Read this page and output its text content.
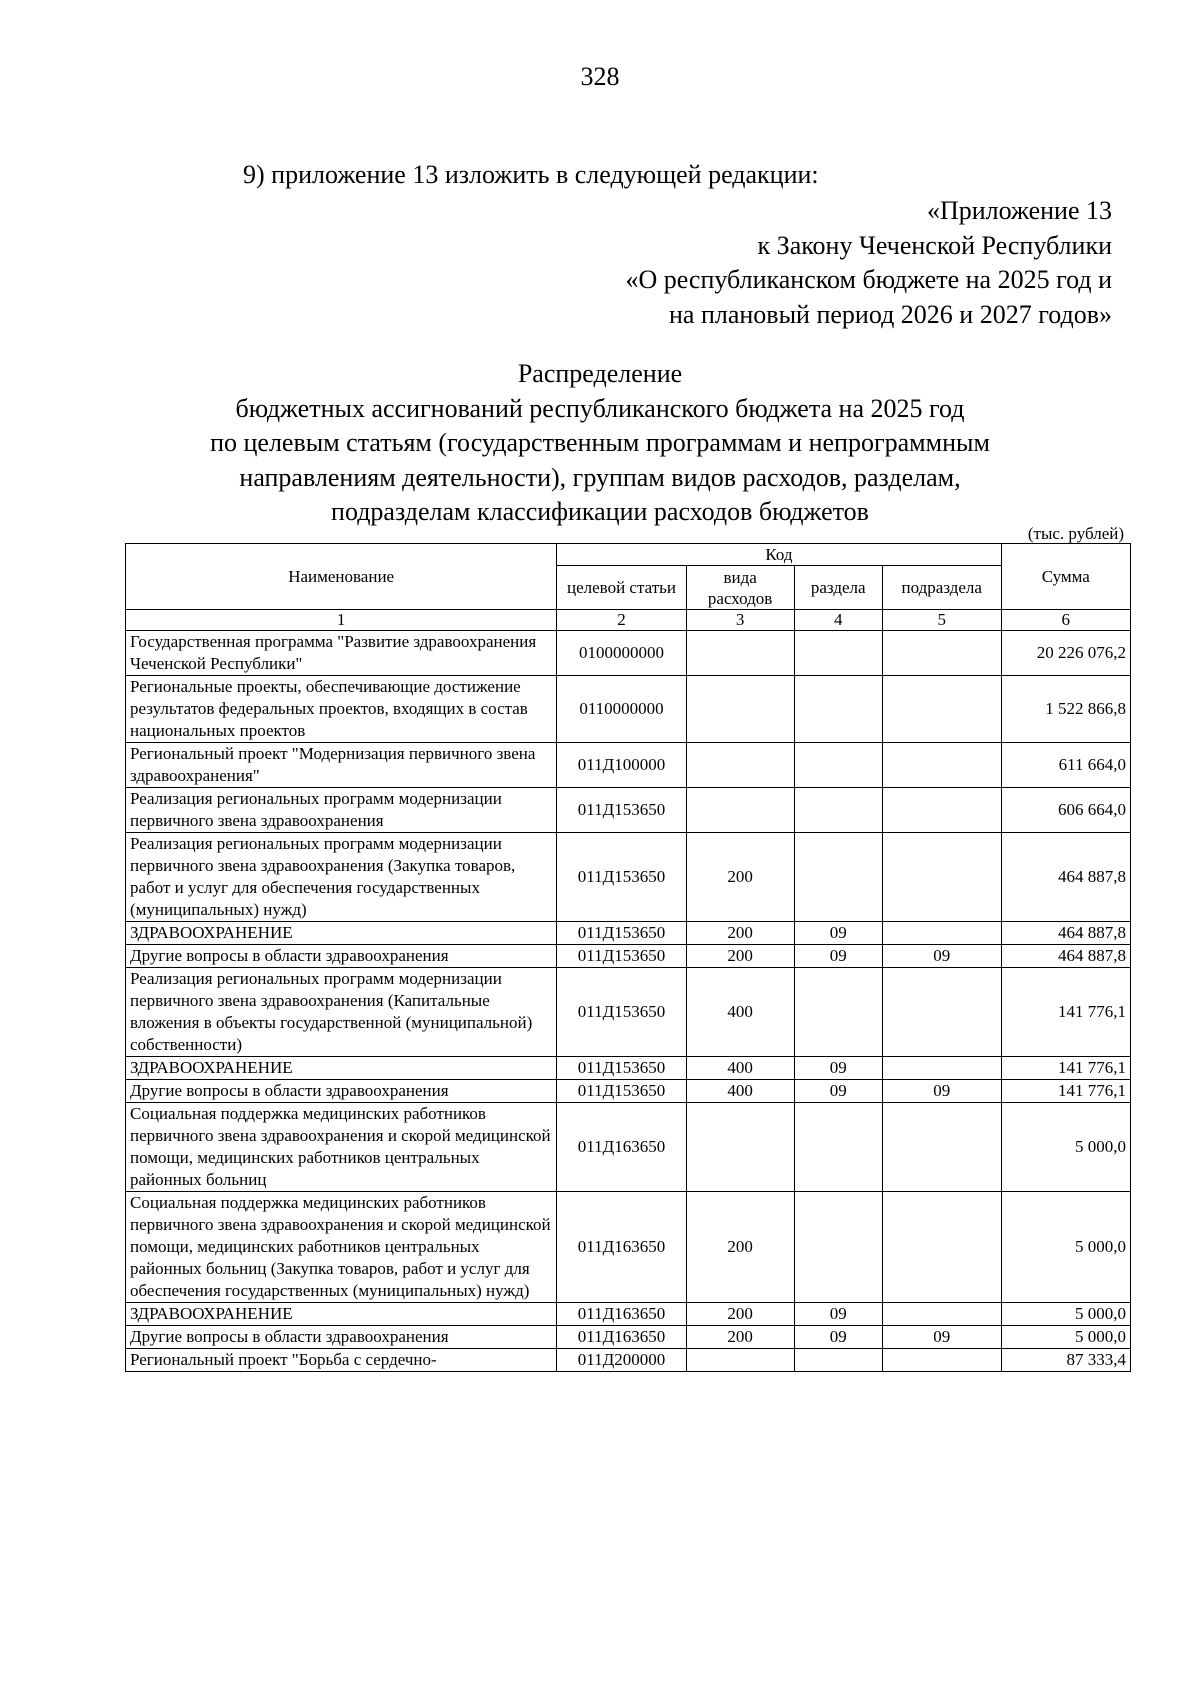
328
9) приложение 13 изложить в следующей редакции:
«Приложение 13
к Закону Чеченской Республики
«О республиканском бюджете на 2025 год и
на плановый период 2026 и 2027 годов»
Распределение
бюджетных ассигнований республиканского бюджета на 2025 год
по целевым статьям (государственным программам и непрограммным
направлениям деятельности), группам видов расходов, разделам,
подразделам классификации расходов бюджетов
(тыс. рублей)
Наименование	Код				Сумма
	целевой статьи	вида расходов	раздела	подраздела	
1	2	3	4	5	6
Государственная программа "Развитие здравоохранения Чеченской Республики"	0100000000				20 226 076,2
Региональные проекты, обеспечивающие достижение результатов федеральных проектов, входящих в состав национальных проектов	0110000000				1 522 866,8
Региональный проект "Модернизация первичного звена здравоохранения"	011Д100000				611 664,0
Реализация региональных программ модернизации первичного звена здравоохранения	011Д153650				606 664,0
Реализация региональных программ модернизации первичного звена здравоохранения (Закупка товаров, работ и услуг для обеспечения государственных (муниципальных) нужд)	011Д153650	200			464 887,8
ЗДРАВООХРАНЕНИЕ	011Д153650	200	09		464 887,8
Другие вопросы в области здравоохранения	011Д153650	200	09	09	464 887,8
Реализация региональных программ модернизации первичного звена здравоохранения (Капитальные вложения в объекты государственной (муниципальной) собственности)	011Д153650	400			141 776,1
ЗДРАВООХРАНЕНИЕ	011Д153650	400	09		141 776,1
Другие вопросы в области здравоохранения	011Д153650	400	09	09	141 776,1
Социальная поддержка медицинских работников первичного звена здравоохранения и скорой медицинской помощи, медицинских работников центральных районных больниц	011Д163650				5 000,0
Социальная поддержка медицинских работников первичного звена здравоохранения и скорой медицинской помощи, медицинских работников центральных районных больниц (Закупка товаров, работ и услуг для обеспечения государственных (муниципальных) нужд)	011Д163650	200			5 000,0
ЗДРАВООХРАНЕНИЕ	011Д163650	200	09		5 000,0
Другие вопросы в области здравоохранения	011Д163650	200	09	09	5 000,0
Региональный проект "Борьба с сердечно-	011Д200000				87 333,4
